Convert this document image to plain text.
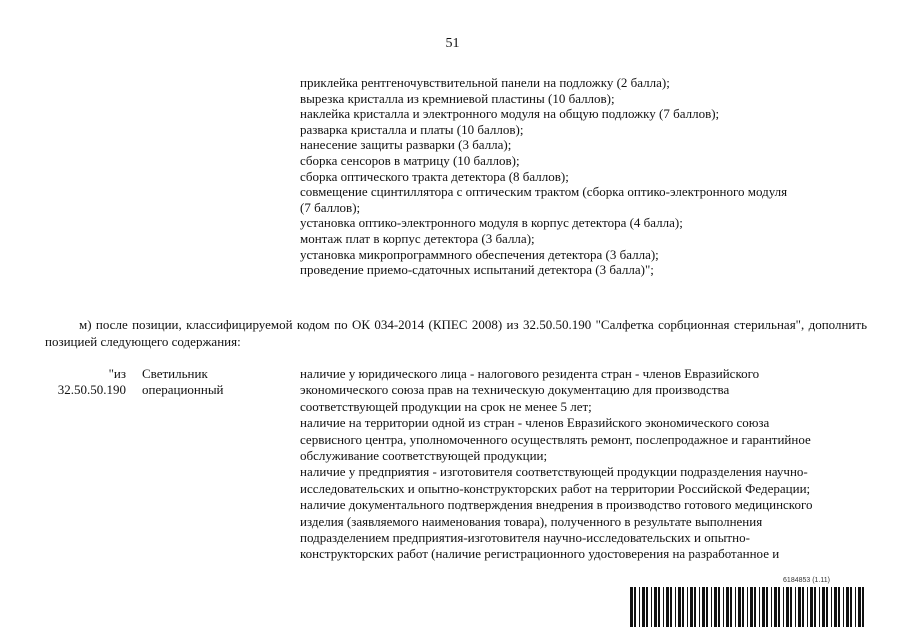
51
приклейка рентгеночувствительной панели на подложку (2 балла);
вырезка кристалла из кремниевой пластины (10 баллов);
наклейка кристалла и электронного модуля на общую подложку (7 баллов);
разварка кристалла и платы (10 баллов);
нанесение защиты разварки (3 балла);
сборка сенсоров в матрицу (10 баллов);
сборка оптического тракта детектора (8 баллов);
совмещение сцинтиллятора с оптическим трактом (сборка оптико-электронного модуля
(7 баллов);
установка оптико-электронного модуля в корпус детектора (4 балла);
монтаж плат в корпус детектора (3 балла);
установка микропрограммного обеспечения детектора (3 балла);
проведение приемо-сдаточных испытаний детектора (3 балла)";
м) после позиции, классифицируемой кодом по ОК 034-2014 (КПЕС 2008) из 32.50.50.190 "Салфетка сорбционная стерильная", дополнить позицией следующего содержания:
"из
32.50.50.190
Светильник
операционный
наличие у юридического лица - налогового резидента стран - членов Евразийского
экономического союза прав на техническую документацию для производства
соответствующей продукции на срок не менее 5 лет;
наличие на территории одной из стран - членов Евразийского экономического союза
сервисного центра, уполномоченного осуществлять ремонт, послепродажное и гарантийное
обслуживание соответствующей продукции;
наличие у предприятия - изготовителя соответствующей продукции подразделения научно-
исследовательских и опытно-конструкторских работ на территории Российской Федерации;
наличие документального подтверждения внедрения в производство готового медицинского
изделия (заявляемого наименования товара), полученного в результате выполнения
подразделением предприятия-изготовителя научно-исследовательских и опытно-
конструкторских работ (наличие регистрационного удостоверения на разработанное и
6184853 (1.11)
